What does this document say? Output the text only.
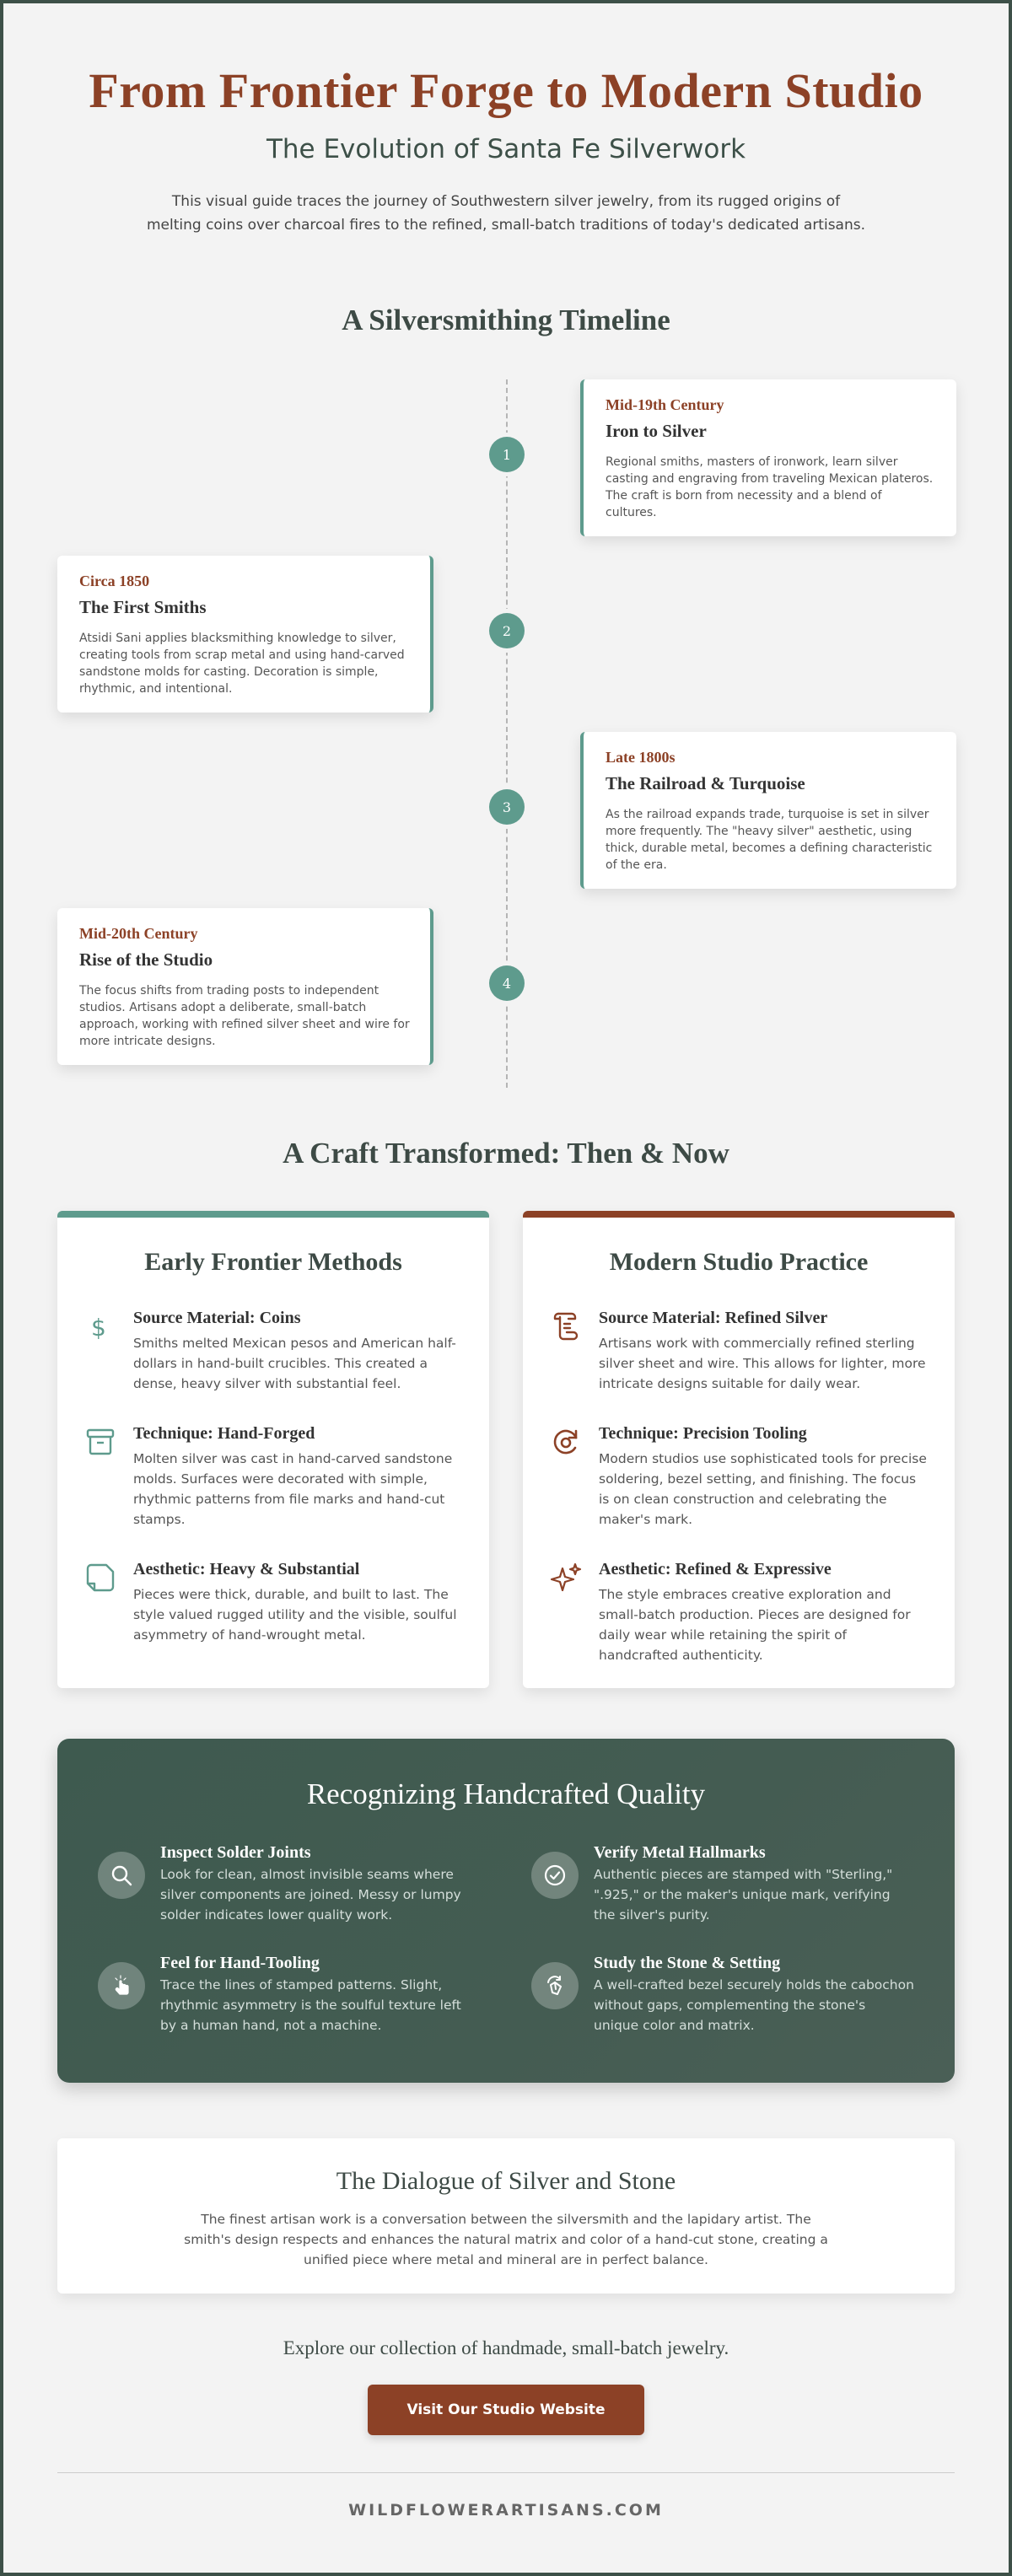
From Frontier Forge to Modern Studio
The Evolution of Santa Fe Silverwork

This visual guide traces the journey of Southwestern silver jewelry, from its rugged origins of melting coins over charcoal fires to the refined, small-batch traditions of today's dedicated artisans.

A Silversmithing Timeline
1
Mid-19th Century
Iron to Silver
Regional smiths, masters of ironwork, learn silver casting and engraving from traveling Mexican plateros. The craft is born from necessity and a blend of cultures.
2
Circa 1850
The First Smiths
Atsidi Sani applies blacksmithing knowledge to silver, creating tools from scrap metal and using hand-carved sandstone molds for casting. Decoration is simple, rhythmic, and intentional.
3
Late 1800s
The Railroad & Turquoise
As the railroad expands trade, turquoise is set in silver more frequently. The "heavy silver" aesthetic, using thick, durable metal, becomes a defining characteristic of the era.
4
Mid-20th Century
Rise of the Studio
The focus shifts from trading posts to independent studios. Artisans adopt a deliberate, small-batch approach, working with refined silver sheet and wire for more intricate designs.
A Craft Transformed: Then & Now
Early Frontier Methods
$ Source Material: Coins
Smiths melted Mexican pesos and American half-dollars in hand-built crucibles. This created a dense, heavy silver with substantial feel.
Technique: Hand-Forged
Molten silver was cast in hand-carved sandstone molds. Surfaces were decorated with simple, rhythmic patterns from file marks and hand-cut stamps.
Aesthetic: Heavy & Substantial
Pieces were thick, durable, and built to last. The style valued rugged utility and the visible, soulful asymmetry of hand-wrought metal.
Modern Studio Practice
Source Material: Refined Silver
Artisans work with commercially refined sterling silver sheet and wire. This allows for lighter, more intricate designs suitable for daily wear.
Technique: Precision Tooling
Modern studios use sophisticated tools for precise soldering, bezel setting, and finishing. The focus is on clean construction and celebrating the maker's mark.
Aesthetic: Refined & Expressive
The style embraces creative exploration and small-batch production. Pieces are designed for daily wear while retaining the spirit of handcrafted authenticity.
Recognizing Handcrafted Quality
Inspect Solder Joints
Look for clean, almost invisible seams where silver components are joined. Messy or lumpy solder indicates lower quality work.
Verify Metal Hallmarks
Authentic pieces are stamped with "Sterling," ".925," or the maker's unique mark, verifying the silver's purity.
Feel for Hand-Tooling
Trace the lines of stamped patterns. Slight, rhythmic asymmetry is the soulful texture left by a human hand, not a machine.
Study the Stone & Setting
A well-crafted bezel securely holds the cabochon without gaps, complementing the stone's unique color and matrix.
The Dialogue of Silver and Stone

The finest artisan work is a conversation between the silversmith and the lapidary artist. The smith's design respects and enhances the natural matrix and color of a hand-cut stone, creating a unified piece where metal and mineral are in perfect balance.

Explore our collection of handmade, small-batch jewelry.
Visit Our Studio Website
WILDFLOWERARTISANS.COM
